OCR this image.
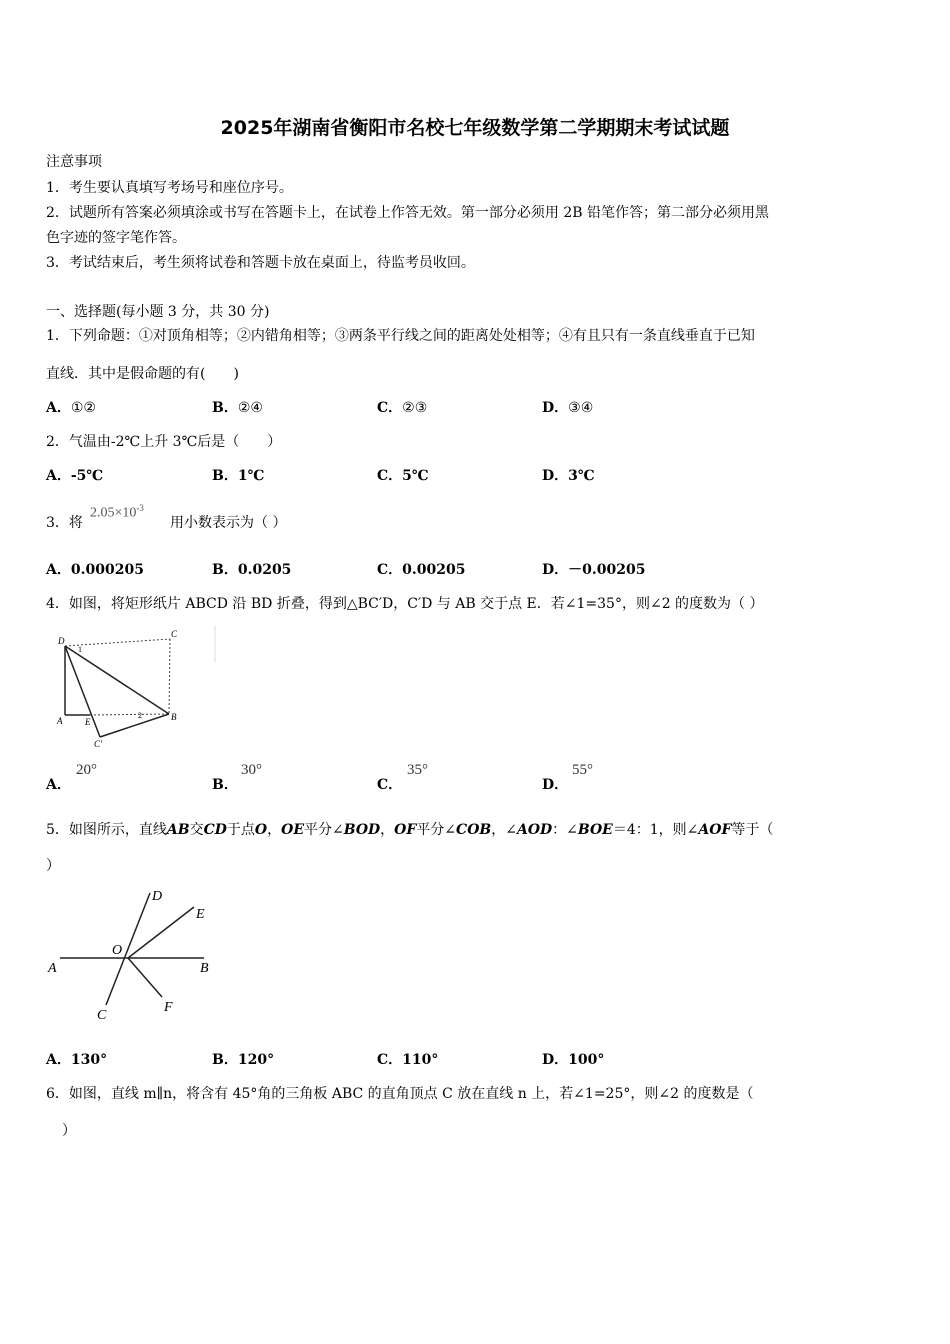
2025年湖南省衡阳市名校七年级数学第二学期期末考试试题
注意事项
1．考生要认真填写考场号和座位序号。
2．试题所有答案必须填涂或书写在答题卡上，在试卷上作答无效。第一部分必须用 2B 铅笔作答；第二部分必须用黑
色字迹的签字笔作答。
3．考试结束后，考生须将试卷和答题卡放在桌面上，待监考员收回。
一、选择题(每小题 3 分，共 30 分)
1．下列命题：①对顶角相等；②内错角相等；③两条平行线之间的距离处处相等；④有且只有一条直线垂直于已知
直线．其中是假命题的有(　　)
A．①②	B．②④	C．②③	D．③④
2．气温由-2℃上升 3℃后是（　　）
A．-5℃	B．1℃	C．5℃	D．3℃
3．将
$2.05\times 10^{-3}$
用小数表示为（ ）
A．0.000205	B．0.0205	C．0.00205	D．－0.00205
4．如图，将矩形纸片 ABCD 沿 BD 折叠，得到△BC′D，C′D 与 AB 交于点 E．若∠1=35°，则∠2 的度数为（ ）
D
C
A	E	B
C′
1
2
A．
20°
B．
30°
C．
35°
D．
55°
5．如图所示，直线AB交CD于点O，OE平分∠BOD，OF平分∠COB，∠AOD：∠BOE＝4：1，则∠AOF等于（
）
A	B
C
D
E
F
O
A．130°	B．120°	C．110°	D．100°
6．如图，直线 m∥n，将含有 45°角的三角板 ABC 的直角顶点 C 放在直线 n 上，若∠1=25°，则∠2 的度数是（
）
